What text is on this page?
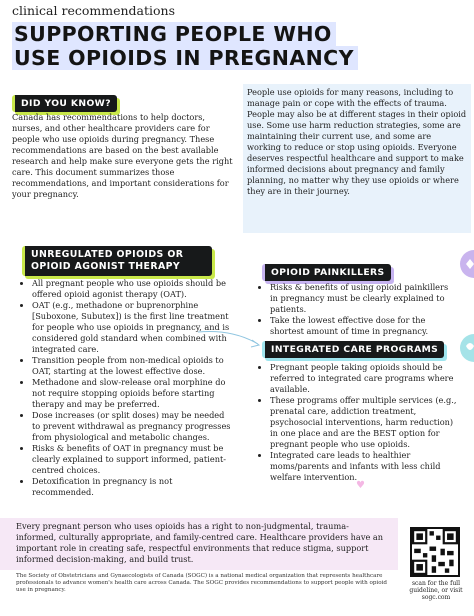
clinical recommendations
SUPPORTING PEOPLE WHO
USE OPIOIDS IN PREGNANCY
DID YOU KNOW?
Canada has recommendations to help doctors, nurses, and other healthcare providers care for people who use opioids during pregnancy. These recommendations are based on the best available research and help make sure everyone gets the right care. This document summarizes those recommendations, and important considerations for your pregnancy.
People use opioids for many reasons, including to manage pain or cope with the effects of trauma. People may also be at different stages in their opioid use. Some use harm reduction strategies, some are maintaining their current use, and some are working to reduce or stop using opioids. Everyone deserves respectful healthcare and support to make informed decisions about pregnancy and family planning, no matter why they use opioids or where they are in their journey.
UNREGULATED OPIOIDS OR
OPIOID AGONIST THERAPY
• All pregnant people who use opioids should be offered opioid agonist therapy (OAT).
• OAT (e.g., methadone or buprenorphine [Suboxone, Subutex]) is the first line treatment for people who use opioids in pregnancy, and is considered gold standard when combined with integrated care.
• Transition people from non-medical opioids to OAT, starting at the lowest effective dose.
• Methadone and slow-release oral morphine do not require stopping opioids before starting therapy and may be preferred.
• Dose increases (or split doses) may be needed to prevent withdrawal as pregnancy progresses from physiological and metabolic changes.
• Risks & benefits of OAT in pregnancy must be clearly explained to support informed, patient-centred choices.
• Detoxification in pregnancy is not recommended.
OPIOID PAINKILLERS
• Risks & benefits of using opioid painkillers in pregnancy must be clearly explained to patients.
• Take the lowest effective dose for the shortest amount of time in pregnancy.
INTEGRATED CARE PROGRAMS
• Pregnant people taking opioids should be referred to integrated care programs where available.
• These programs offer multiple services (e.g., prenatal care, addiction treatment, psychosocial interventions, harm reduction) in one place and are the BEST option for pregnant people who use opioids.
• Integrated care leads to healthier moms/parents and infants with less child welfare intervention.
♥
Every pregnant person who uses opioids has a right to non-judgmental, trauma-informed, culturally appropriate, and family-centred care. Healthcare providers have an important role in creating safe, respectful environments that reduce stigma, support informed decision-making, and build trust.
The Society of Obstetricians and Gynaecologists of Canada (SOGC) is a national medical organization that represents healthcare professionals to advance women's health care across Canada. The SOGC provides recommendations to support people with opioid use in pregnancy.
scan for the full guideline, or visit sogc.com
